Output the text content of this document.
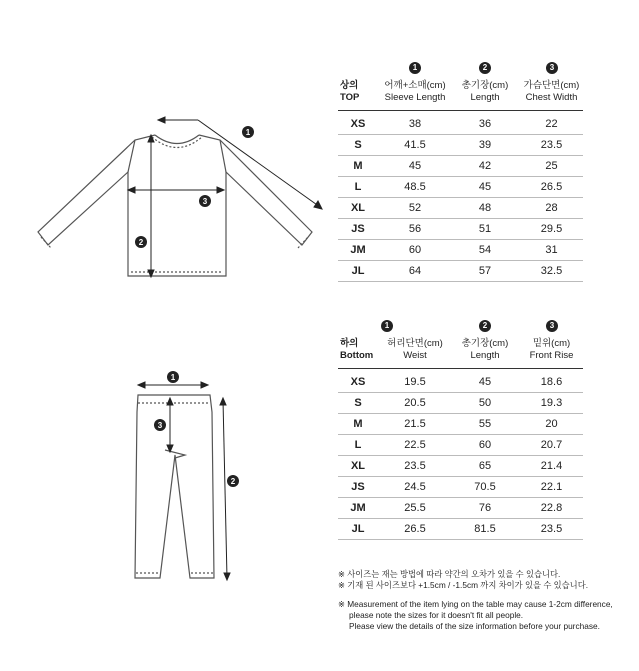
1
2
3
1
2
3
1	2	3
상의
TOP
어깨+소매(cm)
Sleeve Length
총기장(cm)
Length
가슴단면(cm)
Chest Width
XS	38	36	22
S	41.5	39	23.5
M	45	42	25
L	48.5	45	26.5
XL	52	48	28
JS	56	51	29.5
JM	60	54	31
JL	64	57	32.5
1	2	3
하의
Bottom
허리단면(cm)
Weist
총기장(cm)
Length
밑위(cm)
Front Rise
XS	19.5	45	18.6
S	20.5	50	19.3
M	21.5	55	20
L	22.5	60	20.7
XL	23.5	65	21.4
JS	24.5	70.5	22.1
JM	25.5	76	22.8
JL	26.5	81.5	23.5
※ 사이즈는 재는 방법에 따라 약간의 오차가 있을 수 있습니다.
※ 기재 된 사이즈보다 +1.5cm / -1.5cm 까지 차이가 있을 수 있습니다.
※ Measurement of the item lying on the table may cause 1-2cm difference,
please note the sizes for it doesn't fit all people.
Please view the details of the size information before your purchase.
